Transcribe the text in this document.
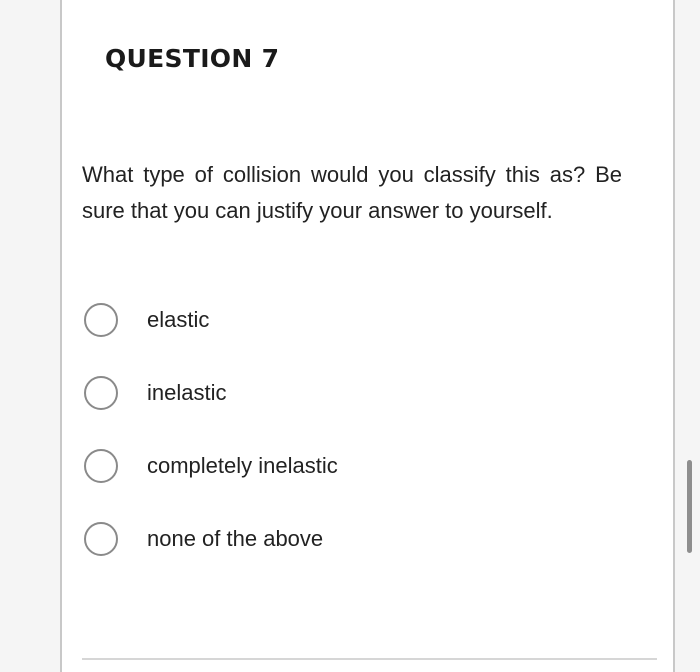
QUESTION 7

What type of collision would you classify this as? Be sure that you can justify your answer to yourself.

elastic
inelastic
completely inelastic
none of the above
